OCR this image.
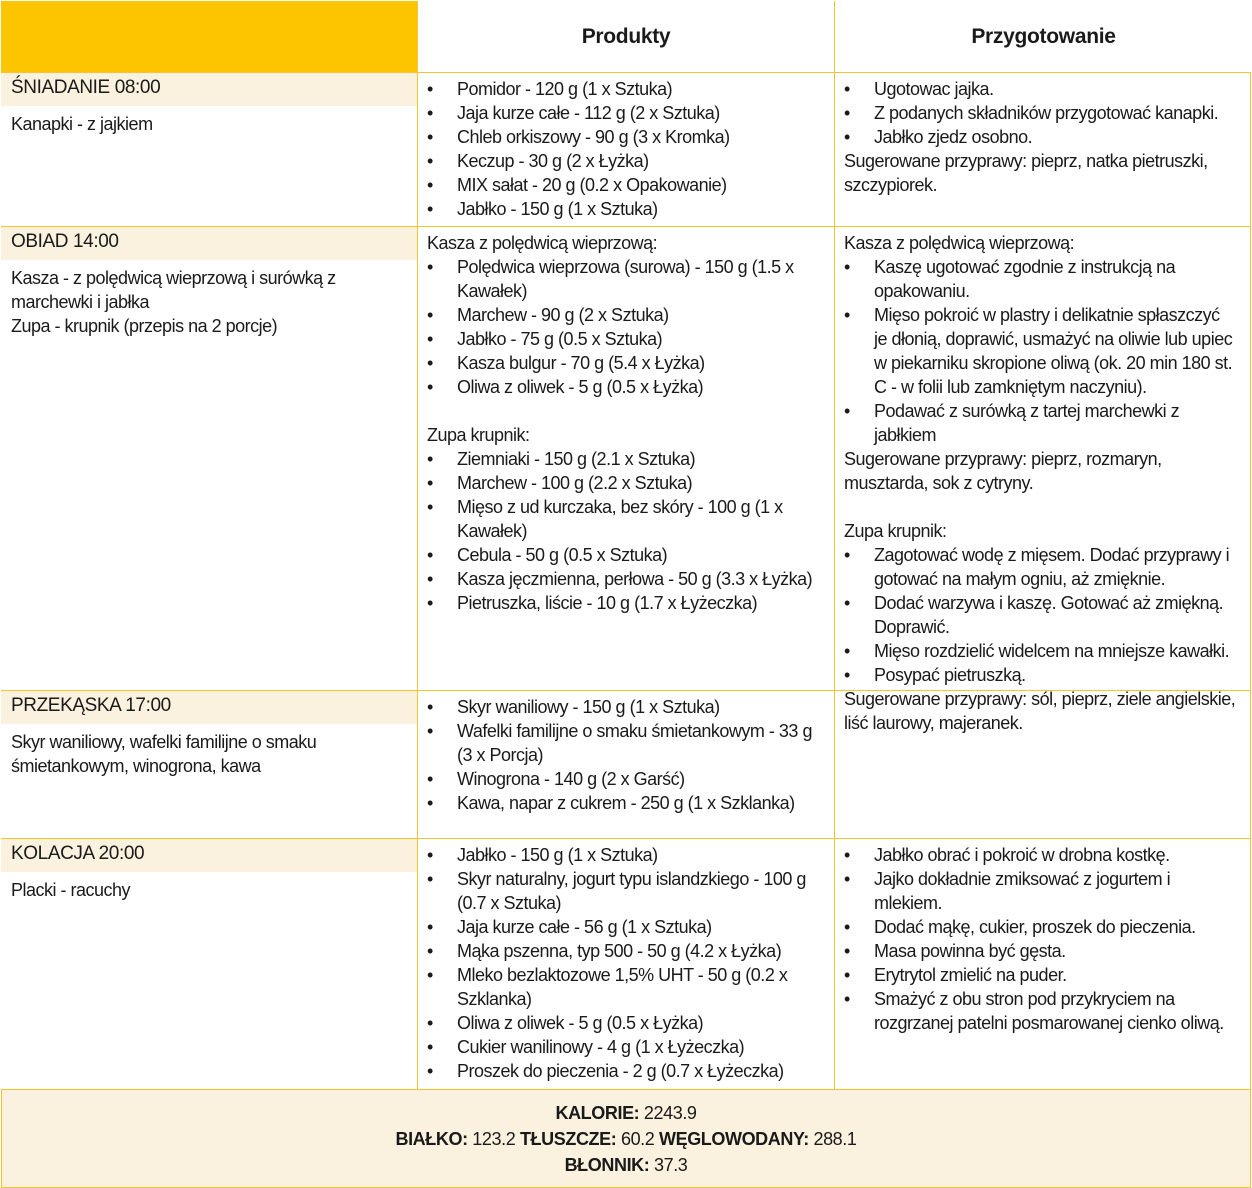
Produkty	Przygotowanie
ŚNIADANIE 08:00
Kanapki - z jajkiem
• Pomidor - 120 g (1 x Sztuka)
• Jaja kurze całe - 112 g (2 x Sztuka)
• Chleb orkiszowy - 90 g (3 x Kromka)
• Keczup - 30 g (2 x Łyżka)
• MIX sałat - 20 g (0.2 x Opakowanie)
• Jabłko - 150 g (1 x Sztuka)
• Ugotowac jajka.
• Z podanych składników przygotować kanapki.
• Jabłko zjedz osobno.
Sugerowane przyprawy: pieprz, natka pietruszki, szczypiorek.
OBIAD 14:00
Kasza - z polędwicą wieprzową i surówką z marchewki i jabłka
Zupa - krupnik (przepis na 2 porcje)
Kasza z polędwicą wieprzową:
• Polędwica wieprzowa (surowa) - 150 g (1.5 x Kawałek)
• Marchew - 90 g (2 x Sztuka)
• Jabłko - 75 g (0.5 x Sztuka)
• Kasza bulgur - 70 g (5.4 x Łyżka)
• Oliwa z oliwek - 5 g (0.5 x Łyżka)
Zupa krupnik:
• Ziemniaki - 150 g (2.1 x Sztuka)
• Marchew - 100 g (2.2 x Sztuka)
• Mięso z ud kurczaka, bez skóry - 100 g (1 x Kawałek)
• Cebula - 50 g (0.5 x Sztuka)
• Kasza jęczmienna, perłowa - 50 g (3.3 x Łyżka)
• Pietruszka, liście - 10 g (1.7 x Łyżeczka)
Kasza z polędwicą wieprzową:
• Kaszę ugotować zgodnie z instrukcją na opakowaniu.
• Mięso pokroić w plastry i delikatnie spłaszczyć je dłonią, doprawić, usmażyć na oliwie lub upiec w piekarniku skropione oliwą (ok. 20 min 180 st. C - w folii lub zamkniętym naczyniu).
• Podawać z surówką z tartej marchewki z jabłkiem
Sugerowane przyprawy: pieprz, rozmaryn, musztarda, sok z cytryny.
Zupa krupnik:
• Zagotować wodę z mięsem. Dodać przyprawy i gotować na małym ogniu, aż zmięknie.
• Dodać warzywa i kaszę. Gotować aż zmiękną. Doprawić.
• Mięso rozdzielić widelcem na mniejsze kawałki.
• Posypać pietruszką.
Sugerowane przyprawy: sól, pieprz, ziele angielskie, liść laurowy, majeranek.
PRZEKĄSKA 17:00
Skyr waniliowy, wafelki familijne o smaku śmietankowym, winogrona, kawa
• Skyr waniliowy - 150 g (1 x Sztuka)
• Wafelki familijne o smaku śmietankowym - 33 g (3 x Porcja)
• Winogrona - 140 g (2 x Garść)
• Kawa, napar z cukrem - 250 g (1 x Szklanka)
KOLACJA 20:00
Placki - racuchy
• Jabłko - 150 g (1 x Sztuka)
• Skyr naturalny, jogurt typu islandzkiego - 100 g (0.7 x Sztuka)
• Jaja kurze całe - 56 g (1 x Sztuka)
• Mąka pszenna, typ 500 - 50 g (4.2 x Łyżka)
• Mleko bezlaktozowe 1,5% UHT - 50 g (0.2 x Szklanka)
• Oliwa z oliwek - 5 g (0.5 x Łyżka)
• Cukier wanilinowy - 4 g (1 x Łyżeczka)
• Proszek do pieczenia - 2 g (0.7 x Łyżeczka)
• Jabłko obrać i pokroić w drobna kostkę.
• Jajko dokładnie zmiksować z jogurtem i mlekiem.
• Dodać mąkę, cukier, proszek do pieczenia.
• Masa powinna być gęsta.
• Erytrytol zmielić na puder.
• Smażyć z obu stron pod przykryciem na rozgrzanej patelni posmarowanej cienko oliwą.
KALORIE: 2243.9
BIAŁKO: 123.2 TŁUSZCZE: 60.2 WĘGLOWODANY: 288.1
BŁONNIK: 37.3
